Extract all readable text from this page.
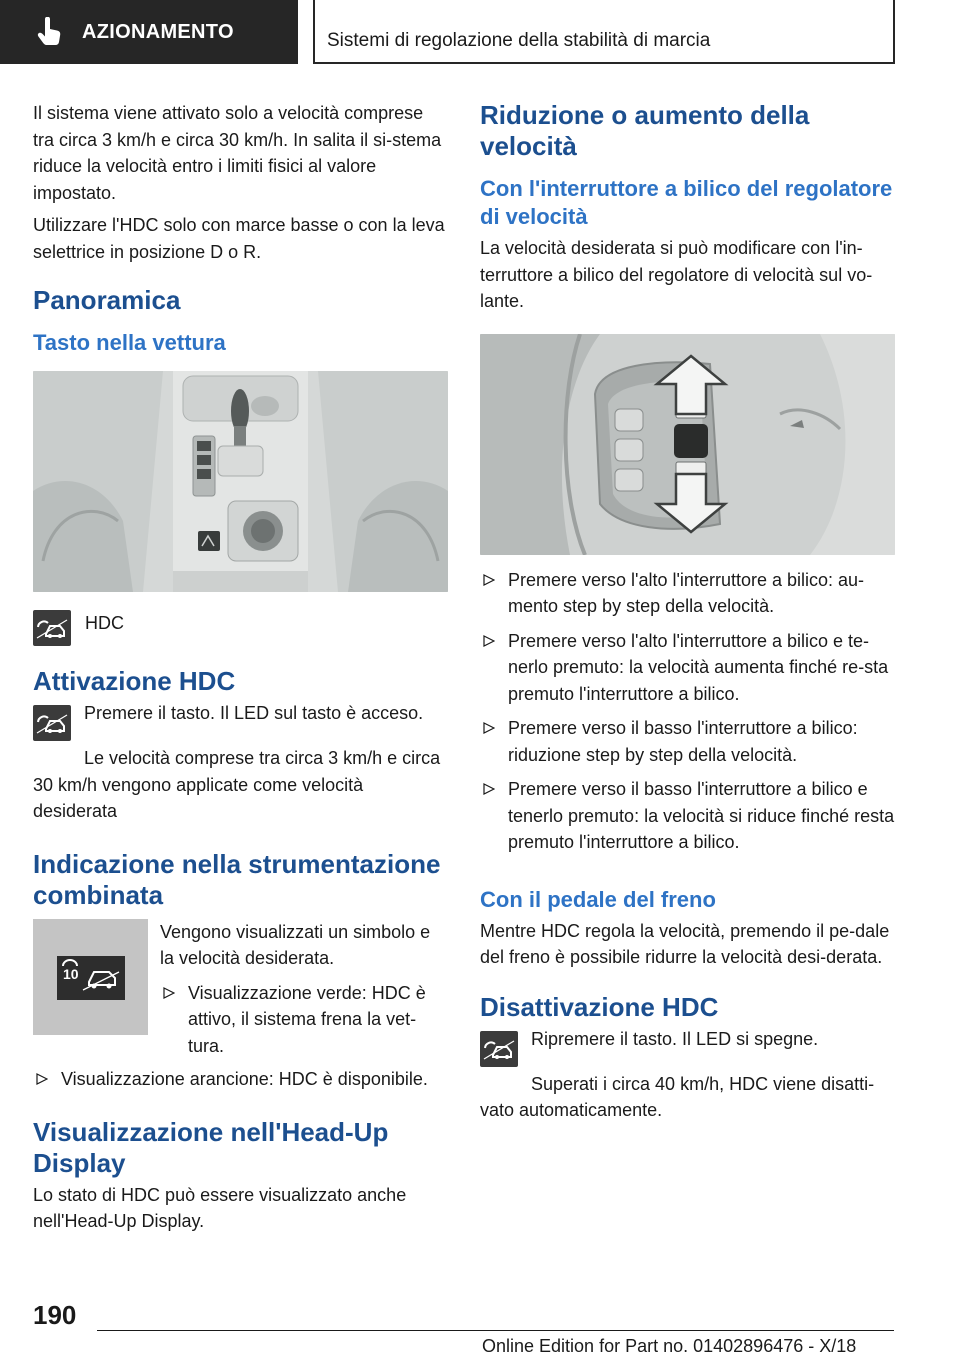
AZIONAMENTO	Sistemi di regolazione della stabilità di marcia

Il sistema viene attivato solo a velocità comprese tra circa 3 km/h e circa 30 km/h. In salita il si‐stema riduce la velocità entro i limiti fisici al valore impostato.

Utilizzare l'HDC solo con marce basse o con la leva selettrice in posizione D o R.

Panoramica
Tasto nella vettura
HDC
Attivazione HDC

Premere il tasto. Il LED sul tasto è acceso.

Le velocità comprese tra circa 3 km/h e circa 30 km/h vengono applicate come velocità desiderata

Indicazione nella strumentazione combinata
10

Vengono visualizzati un simbolo e la velocità desiderata.

Visualizzazione verde: HDC è attivo, il sistema frena la vet‐tura.
Visualizzazione arancione: HDC è disponibile.
Visualizzazione nell'Head-Up Display

Lo stato di HDC può essere visualizzato anche nell'Head-Up Display.

Riduzione o aumento della velocità
Con l'interruttore a bilico del regolatore di velocità

La velocità desiderata si può modificare con l'in‐terruttore a bilico del regolatore di velocità sul vo‐lante.

Premere verso l'alto l'interruttore a bilico: au‐mento step by step della velocità.
Premere verso l'alto l'interruttore a bilico e te‐nerlo premuto: la velocità aumenta finché re‐sta premuto l'interruttore a bilico.
Premere verso il basso l'interruttore a bilico: riduzione step by step della velocità.
Premere verso il basso l'interruttore a bilico e tenerlo premuto: la velocità si riduce finché resta premuto l'interruttore a bilico.
Con il pedale del freno

Mentre HDC regola la velocità, premendo il pe‐dale del freno è possibile ridurre la velocità desi‐derata.

Disattivazione HDC

Ripremere il tasto. Il LED si spegne.

Superati i circa 40 km/h, HDC viene disatti‐vato automaticamente.

190
Online Edition for Part no. 01402896476 - X/18
